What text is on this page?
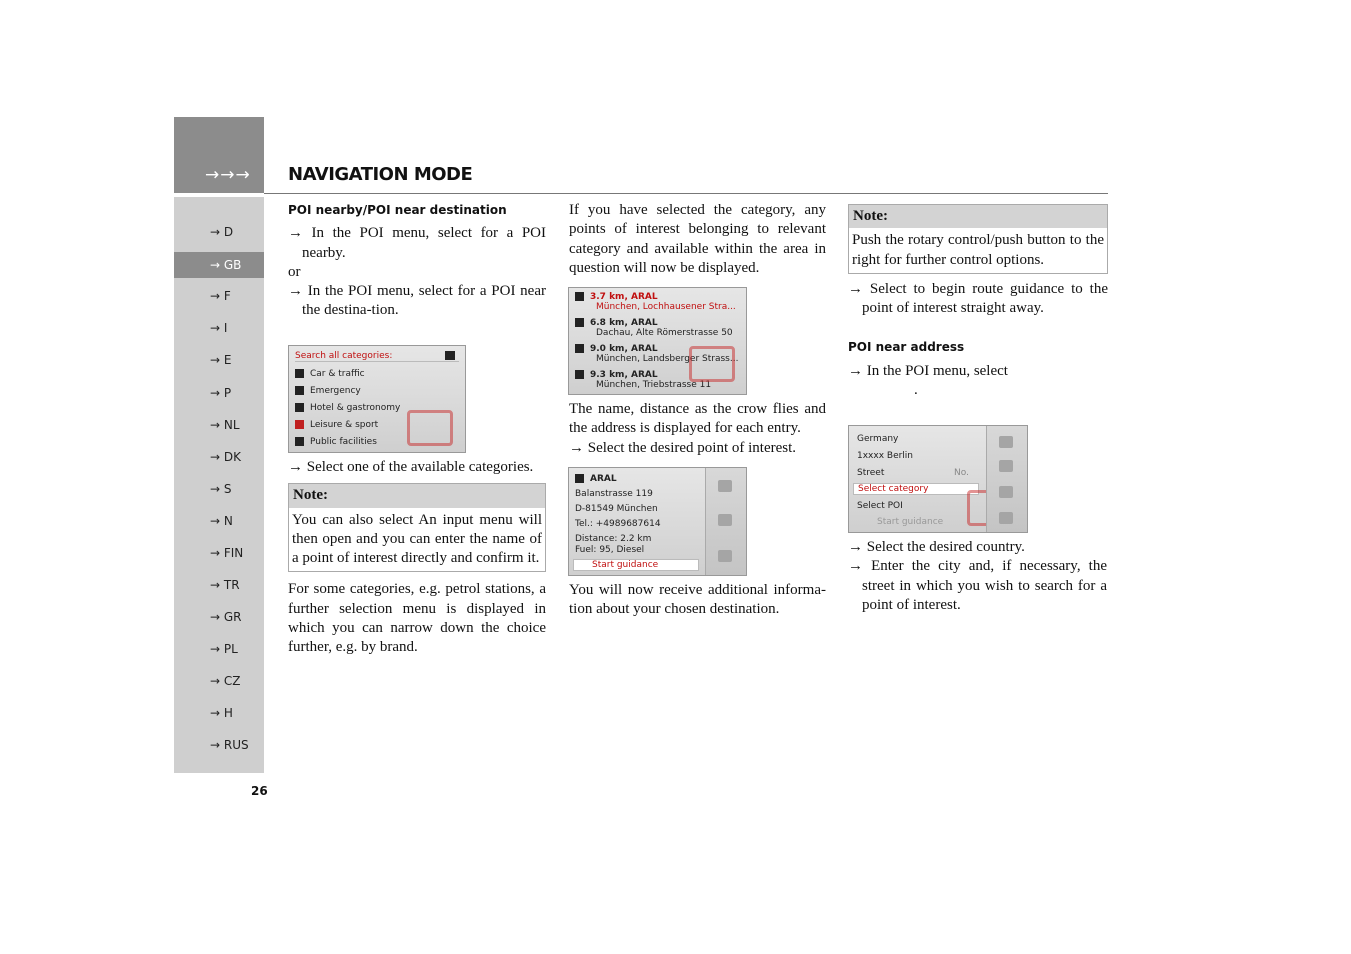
→→→ NAVIGATION MODE
→ D
→ GB
→ F
→ I
→ E
→ P
→ NL
→ DK
→ S
→ N
→ FIN
→ TR
→ GR
→ PL
→ CZ
→ H
→ RUS
26
POI nearby/POI near destination

→ In the POI menu, select for a POI nearby.

or

→ In the POI menu, select for a POI near the destina-tion.

Search all categories:
Car & traffic
Emergency
Hotel & gastronomy
Leisure & sport
Public facilities

→ Select one of the available categories.

Note:
You can also select An input menu will then open and you can enter the name of a point of interest directly and confirm it.

For some categories, e.g. petrol stations, a further selection menu is displayed in which you can narrow down the choice further, e.g. by brand.

If you have selected the category, any points of interest belonging to relevant category and available within the area in question will now be displayed.

3.7 km, ARAL
München, Lochhausener Stra...
6.8 km, ARAL
Dachau, Alte Römerstrasse 50
9.0 km, ARAL
München, Landsberger Strass...
9.3 km, ARAL
München, Triebstrasse 11

The name, distance as the crow flies and the address is displayed for each entry.

→ Select the desired point of interest.

ARAL
Balanstrasse 119
D-81549 München
Tel.: +4989687614
Distance: 2.2 km
Fuel: 95, Diesel
Start guidance

You will now receive additional informa-tion about your chosen destination.

Note:
Push the rotary control/push button to the right for further control options.

→ Select to begin route guidance to the point of interest straight away.

POI near address

→ In the POI menu, select

.

Germany
1xxxx Berlin
Street	No.
Select category
Select POI
Start guidance

→ Select the desired country.

→ Enter the city and, if necessary, the street in which you wish to search for a point of interest.
